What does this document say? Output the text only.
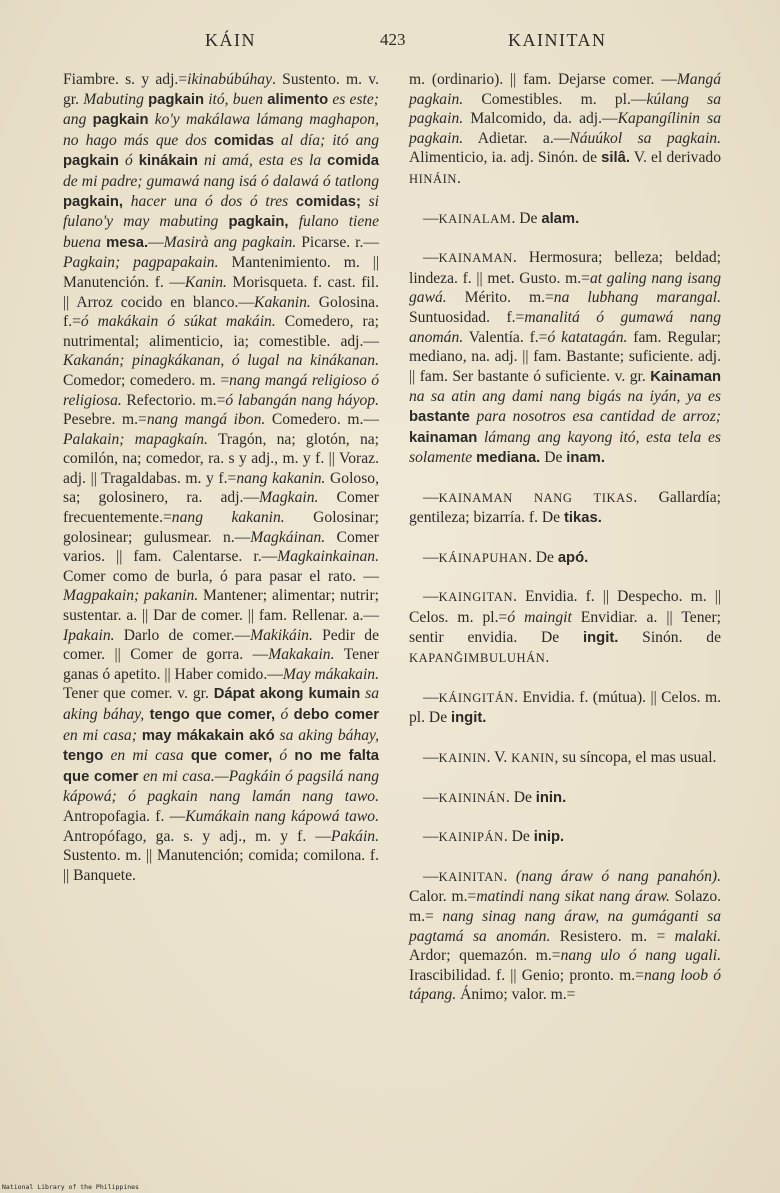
KÁIN	423	KAINITAN

Fiambre. s. y adj.=ikinabúbúhay. Sustento. m. v. gr. Mabuting pagkain itó, buen alimento es este; ang pagkain ko'y makálawa lámang maghapon, no hago más que dos comidas al día; itó ang pagkain ó kinákain ni amá, esta es la comida de mi padre; gumawá nang isá ó dalawá ó tatlong pagkain, hacer una ó dos ó tres comidas; si fulano'y may mabuting pagkain, fulano tiene buena mesa.—Masirà ang pagkain. Picarse. r.—Pagkain; pagpapakain. Mantenimiento. m. || Manutención. f. —Kanin. Morisqueta. f. cast. fil. || Arroz cocido en blanco.—Kakanin. Golosina. f.=ó makákain ó súkat makáin. Comedero, ra; nutrimental; alimenticio, ia; comestible. adj.—Kakanán; pinagkákanan, ó lugal na kinákanan. Comedor; comedero. m. =nang mangá religioso ó religiosa. Refectorio. m.=ó labangán nang háyop. Pesebre. m.=nang mangá ibon. Comedero. m.—Palakain; mapagkaín. Tragón, na; glotón, na; comilón, na; comedor, ra. s y adj., m. y f. || Voraz. adj. || Tragaldabas. m. y f.=nang kakanin. Goloso, sa; golosinero, ra. adj.—Magkain. Comer frecuentemente.=nang kakanin. Golosinar; golosinear; gulusmear. n.—Magkáinan. Comer varios. || fam. Calentarse. r.—Magkainkainan. Comer como de burla, ó para pasar el rato. —Magpakain; pakanin. Mantener; alimentar; nutrir; sustentar. a. || Dar de comer. || fam. Rellenar. a.—Ipakain. Darlo de comer.—Makikáin. Pedir de comer. || Comer de gorra. —Makakain. Tener ganas ó apetito. || Haber comido.—May mákakain. Tener que comer. v. gr. Dápat akong kumain sa aking báhay, tengo que comer, ó debo comer en mi casa; may mákakain akó sa aking báhay, tengo en mi casa que comer, ó no me falta que comer en mi casa.—Pagkáin ó pagsilá nang kápowá; ó pagkain nang lamán nang tawo. Antropofagia. f. —Kumákain nang kápowá tawo. Antropófago, ga. s. y adj., m. y f. —Pakáin. Sustento. m. || Manutención; comida; comilona. f. || Banquete.

m. (ordinario). || fam. Dejarse comer. —Mangá pagkain. Comestibles. m. pl.—kúlang sa pagkain. Malcomido, da. adj.—Kapangílinin sa pagkain. Adietar. a.—Náuúkol sa pagkain. Alimenticio, ia. adj. Sinón. de silâ. V. el derivado HINÁIN.

—KAINALAM. De alam.

—KAINAMAN. Hermosura; belleza; beldad; lindeza. f. || met. Gusto. m.=at galing nang isang gawá. Mérito. m.=na lubhang marangal. Suntuosidad. f.=manalitá ó gumawá nang anomán. Valentía. f.=ó katatagán. fam. Regular; mediano, na. adj. || fam. Bastante; suficiente. adj. || fam. Ser bastante ó suficiente. v. gr. Kainaman na sa atin ang dami nang bigás na iyán, ya es bastante para nosotros esa cantidad de arroz; kainaman lámang ang kayong itó, esta tela es solamente mediana. De inam.

—KAINAMAN NANG TIKAS. Gallardía; gentileza; bizarría. f. De tikas.

—KÁINAPUHAN. De apó.

—KAINGITAN. Envidia. f. || Despecho. m. || Celos. m. pl.=ó maingit Envidiar. a. || Tener; sentir envidia. De ingit. Sinón. de KAPANĞIMBULUHÁN.

—KÁINGITÁN. Envidia. f. (mútua). || Celos. m. pl. De ingit.

—KAININ. V. KANIN, su síncopa, el mas usual.

—KAININÁN. De inin.

—KAINIPÁN. De inip.

—KAINITAN. (nang áraw ó nang panahón). Calor. m.=matindi nang sikat nang áraw. Solazo. m.= nang sinag nang áraw, na gumáganti sa pagtamá sa anomán. Resistero. m. = malaki. Ardor; quemazón. m.=nang ulo ó nang ugali. Irascibilidad. f. || Genio; pronto. m.=nang loob ó tápang. Ánimo; valor. m.=

National Library of the Philippines
